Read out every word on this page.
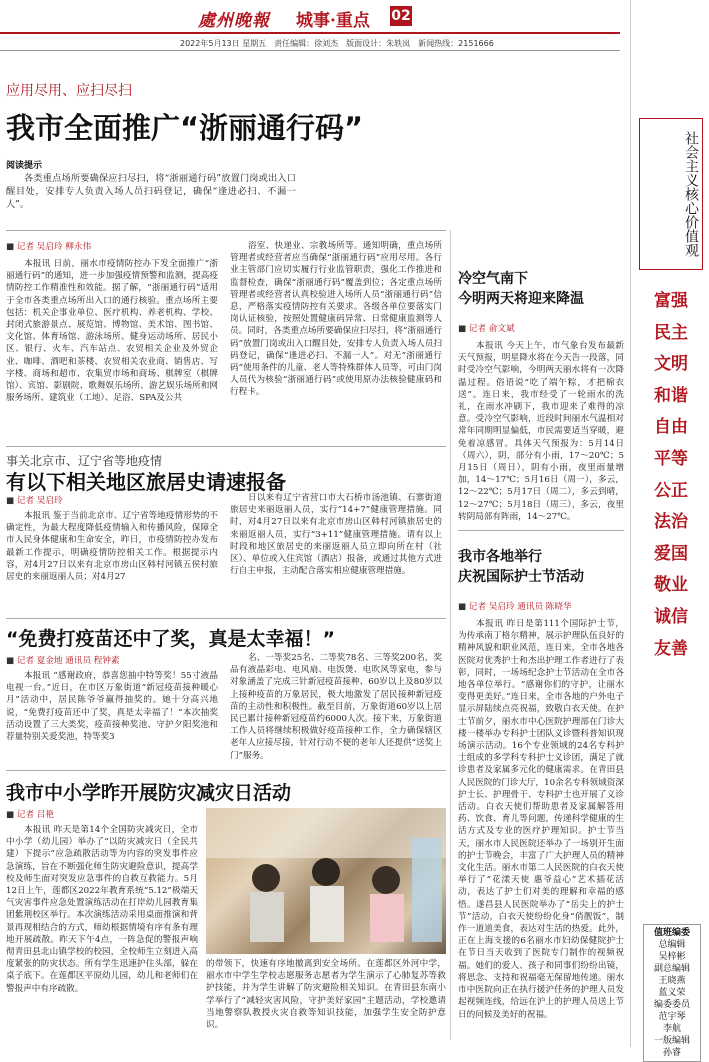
處州晚報 城事·重点 02
2022年5月13日 星期五　责任编辑：徐刘杰　版面设计：朱轶岚　新闻热线：2151666
社会主义核心价值观
富强
民主
文明
和谐
自由
平等
公正
法治
爱国
敬业
诚信
友善
值班编委
总编辑
吴梓彬
副总编辑
王晓燕
蓝义荣
编委委员
范宇琴
李航
一版编辑
孙睿
应用尽用、应扫尽扫
我市全面推广“浙丽通行码”
阅读提示
各类重点场所要确保应扫尽扫，将“浙丽通行码”放置门岗或出入口醒目处，安排专人负责入场人员扫码登记，确保“逢进必扫、不漏一人”。
■ 记者 吴启玲 柳永伟
本报讯 日前，丽水市疫情防控办下发全面推广“浙丽通行码”的通知，进一步加强疫情预警和监测，提高疫情防控工作精准性和效能。据了解，“浙丽通行码”适用于全市各类重点场所出入口的通行核验。重点场所主要包括：机关企事业单位、医疗机构、养老机构、学校、封闭式旅游景点、展览馆、博物馆、美术馆、图书馆、文化馆、体育场馆、游泳场所、健身运动场所、居民小区、银行、火车、汽车站点、农贸相关企业及外贸企业、咖啡、酒吧和茶楼、农贸相关农业商、销售店、写字楼、商场和超市、农集贸市场和商场、棋牌室（棋牌馆）、宾馆、影剧院、歌舞娱乐场所、游艺娱乐场所和网服务场所、建筑业（工地）、足浴、SPA及公共
浴室、快递业、宗教场所等。通知明确，重点场所管理者或经营者应当确保“浙丽通行码”应用尽用。各行业主管部门应切实履行行业监管职责，强化工作推进和监督检查，确保“浙丽通行码”覆盖到位；各定重点场所管理者或经营者认真校验进入场所人员“浙丽通行码”信息，严格落实疫情防控有关要求。各级各单位要落实门岗认证核验，按照处置健康码异常、日常健康监测等人员。同时，各类重点场所要确保应扫尽扫，将“浙丽通行码”放置门岗或出入口醒目处，安排专人负责入场人员扫码登记，确保“逢进必扫、不漏一人”。对无“浙丽通行码”使用条件的儿童、老人等特殊群体人员等，可由门岗人员代为核验“浙丽通行码”或使用原办法核验健康码和行程卡。
事关北京市、辽宁省等地疫情
有以下相关地区旅居史请速报备
■ 记者 吴启玲
本报讯 鉴于当前北京市、辽宁省等地疫情形势的不确定性，为最大程度降低疫情输入和传播风险，保障全市人民身体健康和生命安全，昨日，市疫情防控办发布最新工作提示，明确疫情防控相关工作。根据提示内容，对4月27日以来有北京市房山区韩村河镇五侯村旅居史的来丽返丽人员；对4月27
日以来有辽宁省营口市大石桥市汤池镇、石寨街道旅居史来丽返丽人员，实行“14+7”健康管理措施。同时，对4月27日以来有北京市房山区韩村河镇旅居史的来丽返丽人员，实行“3+11”健康管理措施。请有以上时段和地区旅居史的来丽返丽人员立即向所在村（社区）、单位或入住宾馆（酒店）报备，或通过其他方式进行自主申报，主动配合落实相应健康管理措施。
“免费打疫苗还中了奖，真是太幸福！”
■ 记者 夏金地 通讯员 程钟素
本报讯 “感谢政府，恭喜您抽中特等奖！55寸液晶电视一台。”近日，在市区万象街道“新冠疫苗接种暖心月”活动中，居民陈爷爷赢得抽奖的。她十分高兴地说，“免费打疫苗还中了奖，真是太幸福了！”本次抽奖活动设置了三大类奖，疫苗接种奖池、守护夕阳奖池和荐量特别关爱奖池，特等奖3
名、一等奖25名、二等奖78名、三等奖200名，奖品有液晶彩电、电风扇、电饭煲、电吹风等家电，参与对象涵盖了完成三针新冠疫苗接种、60岁以上及80岁以上接种疫苗的万象居民，极大地激发了居民接种新冠疫苗的主动性和积极性。截至目前，万象街道60岁以上居民已累计接种新冠疫苗约6000人次。接下来，万象街道工作人员将继续积极做好疫苗接种工作，全力确保辖区老年人应接尽接，针对行动不便的老年人还提供“送奖上门”服务。
我市中小学昨开展防灾减灾日活动
■ 记者 吕艳
本报讯 昨天是第14个全国防灾减灾日，全市中小学（幼儿园）举办了“以防灾减灾日（全民共建）下提示”应急疏散活动等为内容的突发事件应急演练，旨在不断强化师生防灾避险意识，提高学校及师生面对突发应急事件的自救互救能力。5月12日上午，莲都区2022年教育系统“5.12”极端天气灾害事件应急处置演练活动在打岸幼儿园教育集团紫荆校区举行。本次演练活动采用桌面推演和背景再现相结合的方式，师幼根据情境有序有条有理地开展疏散。昨天下午4点，一阵急促的警报声响彻青田县北山镇学校的校园，全校师生立刻进入高度紧张的防灾状态。所有学生迅速护住头部，躲在桌子底下。在莲都区平原幼儿园，幼儿和老师们在警报声中有序疏散。
的带领下，快速有序地撤离到安全场所。在莲都区外河中学，丽水市中学生学校志愿服务志愿者为学生演示了心肺复苏等救护技能，并为学生讲解了防灾避险相关知识。在青田县东南小学举行了“减轻灾害风险，守护美好家园”主题活动，学校邀请当地警察队教授火灾自救等知识技能，加强学生安全防护意识。
冷空气南下
今明两天将迎来降温
■ 记者 俞文斌
本报讯 今天上午，市气象台发布最新天气预报，明星降水将在今天告一段落，同时受冷空气影响，今明两天丽水将有一次降温过程。俗语说“吃了端午粽，才把棉衣送”。连日来，我市经受了一轮雨水的洗礼，在雨水冲刷下，我市迎来了难得的凉意。受冷空气影响，近段时间丽水气温相对常年同期明显偏低，市民需要适当穿暖，避免着凉感冒。具体天气预报为：5月14日（周六），阴，部分有小雨，17～20℃；5月15日（周日），阴有小雨，夜里雨量增加，14～17℃；5月16日（周一），多云，12～22℃；5月17日（周二），多云到晴，12～27℃；5月18日（周三），多云，夜里转阴局部有阵雨，14～27℃。
我市各地举行
庆祝国际护士节活动
■ 记者 吴启玲 通讯员 陈晓华
本报讯 昨日是第111个国际护士节，为传承南丁格尔精神，展示护理队伍良好的精神风貌和职业风范，连日来，全市各地各医院对优秀护士和杰出护理工作者进行了表彰，同时，一场场纪念护士节活动在全市各地各单位举行。“感谢你们的守护，让丽水变得更美好。”连日来，全市各地的户外电子显示屏陆续点亮祝福，致敬白衣天使。在护士节前夕，丽水市中心医院护理部在门诊大楼一楼举办专科护士团队义诊暨科普知识现场演示活动。16个专业领域的24名专科护士组成的多学科专科护士义诊团，满足了就诊患者及家属多元化的健康需求。在青田县人民医院的门诊大厅，10余名专科领域资深护士长、护理骨干、专科护士也开展了义诊活动。白衣天使们帮助患者及家属解答用药、饮食、育儿等问题，传递科学健康的生活方式及专业的医疗护理知识。护士节当天，丽水市人民医院还举办了一场别开生面的护士节晚会，丰富了广大护理人员的精神文化生活。丽水市第二人民医院的白衣天使举行了“花漾天使 惠爷益心”艺术插花活动，表达了护士们对美的理解和幸福的感悟。遂昌县人民医院举办了“岳尖上的护士节”活动，白衣天使纷纷化身“俏靓饭”，制作一道道美食，表达对生活的热爱。此外，正在上海支援的6名丽水市妇幼保健院护士在节日当天收到了医院专门制作的视频祝福。她们的爱人、孩子和同事们纷纷出镜，将思念、支持和祝福毫无保留地传递。丽水市中医院向正在执行援沪任务的护理人员发起视频连线，给远在沪上的护理人员送上节日的问候及美好的祝福。
